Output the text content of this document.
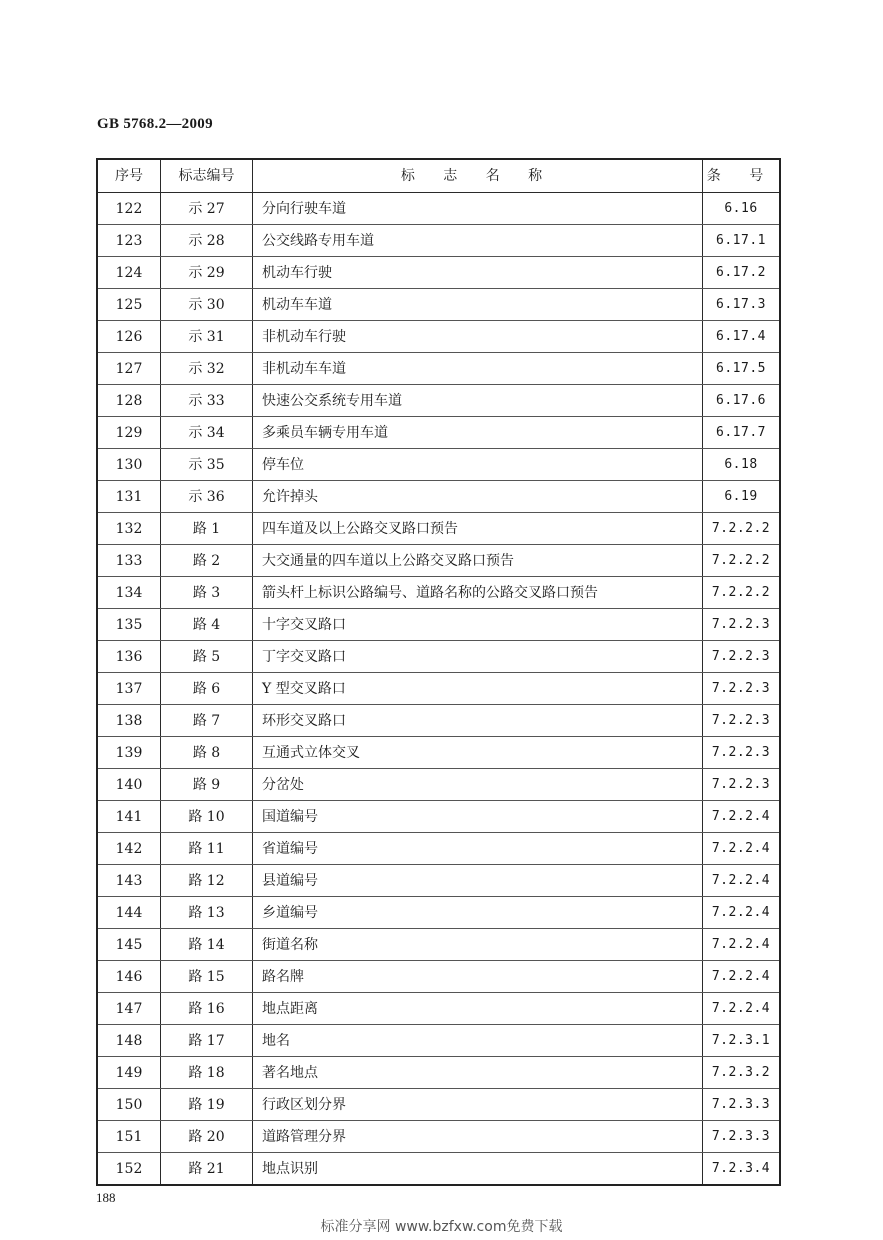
GB 5768.2—2009
序号	标志编号	标 志 名 称	条 号
122	示 27	分向行驶车道	6.16
123	示 28	公交线路专用车道	6.17.1
124	示 29	机动车行驶	6.17.2
125	示 30	机动车车道	6.17.3
126	示 31	非机动车行驶	6.17.4
127	示 32	非机动车车道	6.17.5
128	示 33	快速公交系统专用车道	6.17.6
129	示 34	多乘员车辆专用车道	6.17.7
130	示 35	停车位	6.18
131	示 36	允许掉头	6.19
132	路 1	四车道及以上公路交叉路口预告	7.2.2.2
133	路 2	大交通量的四车道以上公路交叉路口预告	7.2.2.2
134	路 3	箭头杆上标识公路编号、道路名称的公路交叉路口预告	7.2.2.2
135	路 4	十字交叉路口	7.2.2.3
136	路 5	丁字交叉路口	7.2.2.3
137	路 6	Y 型交叉路口	7.2.2.3
138	路 7	环形交叉路口	7.2.2.3
139	路 8	互通式立体交叉	7.2.2.3
140	路 9	分岔处	7.2.2.3
141	路 10	国道编号	7.2.2.4
142	路 11	省道编号	7.2.2.4
143	路 12	县道编号	7.2.2.4
144	路 13	乡道编号	7.2.2.4
145	路 14	街道名称	7.2.2.4
146	路 15	路名牌	7.2.2.4
147	路 16	地点距离	7.2.2.4
148	路 17	地名	7.2.3.1
149	路 18	著名地点	7.2.3.2
150	路 19	行政区划分界	7.2.3.3
151	路 20	道路管理分界	7.2.3.3
152	路 21	地点识别	7.2.3.4
188
标准分享网 www.bzfxw.com免费下载
